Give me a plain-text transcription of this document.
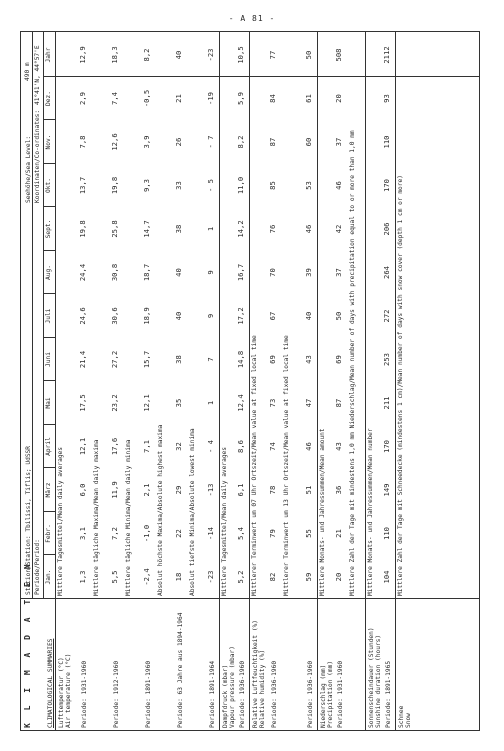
- A 81 -
K L I M A D A T E N CLIMATOLOGICAL SUMMARIES
Station/Station: Tbilissi, Tiflis; UdSSR Periode/Period:
Seehöhe/Sea Level:
490 m
Koordinaten/Co-ordinates:
41°41'N, 44°57'E
Jan.
Febr.
März
April
Mai
Juni
Juli
Aug.
Sept.
Okt.
Nov.
Dez.
Jahr
Lufttemperatur (°C)
Air temperature (°C) Periode: 1931-1960
Mittlere Tagesmittel/Mean daily averages 1,3
3,1
6,0
12,1
17,5
21,4
24,6
24,4
19,8
13,7
7,8
2,9
12,9
Periode: 1912-1960
Mittlere tägliche Maxima/Mean daily maxima 5,5
7,2
11,9
17,6
23,2
27,2
30,6
30,8
25,8
19,8
12,6
7,4
18,3
Periode: 1891-1960
Mittlere tägliche Minima/Mean daily minima -2,4
-1,0
2,1
7,1
12,1
15,7
18,9
18,7
14,7
9,3
3,9
-0,5
8,2
Periode: 63 Jahre aus 1894-1964
Absolut höchste Maxima/Absolute highest maxima 18
22
29
32
35
38
40
40
38
33
26
21
40
Periode: 1891-1964
Absolut tiefste Minima/Absolute lowest minima -23
-14
-13
- 4
1
7
9
9
1
- 5
- 7
-19
-23
Dampfdruck (mbar)
Vapour pressure (mbar)
Periode: 1936-1960
Mittlere Tagesmittel/Mean daily averages 5,2
5,4
6,1
8,6
12,4
14,8
17,2
16,7
14,2
11,0
8,2
5,9
10,5
Relative Luftfeuchtigkeit (%)
Relative humidity (%)
Periode: 1936-1960
Mittlerer Terminwert um 07 Uhr Ortszeit/Mean value at fixed local time 82
79
78
74
73
69
67
70
76
85
87
84
77
Periode: 1936-1960
Mittlerer Terminwert um 13 Uhr Ortszeit/Mean value at fixed local time 59
55
51
46
47
43
40
39
46
53
60
61
50
Niederschlag (mm)
Precipitation (mm) Periode: 1931-1960
Mittlere Monats- und Jahressummen/Mean amount 20
21
36
43
87
69
50
37
42
46
37
20
508
Mittlere Zahl der Tage mit mindestens 1,0 mm Niederschlag/Mean number of days with precipitation equal to or more than 1,0 mm
Sonnenscheindauer (Stunden)
Sunshine duration (hours)
Periode: 1891-1965
Mittlere Monats- und Jahressummen/Mean number 104
110
149
170
211
253
272
264
206
170
110
93
2112
Schnee
Snow
Mittlere Zahl der Tage mit Schneedecke (mindestens 1 cm)/Mean number of days with snow cover (depth 1 cm or more)
